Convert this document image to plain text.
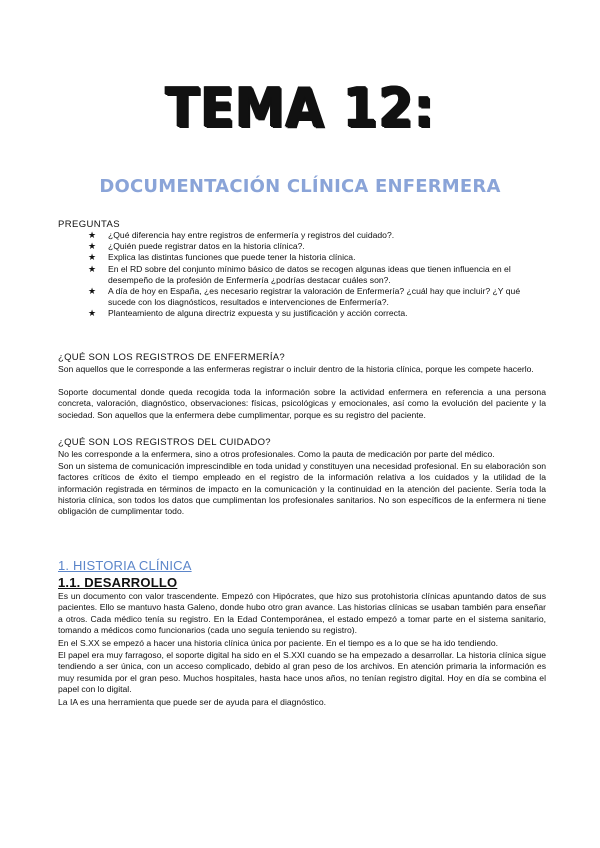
TEMA 12:
DOCUMENTACIÓN CLÍNICA ENFERMERA
PREGUNTAS
★ ¿Qué diferencia hay entre registros de enfermería y registros del cuidado?.
★ ¿Quién puede registrar datos en la historia clínica?.
★ Explica las distintas funciones que puede tener la historia clínica.
★ En el RD sobre del conjunto mínimo básico de datos se recogen algunas ideas que tienen influencia en el desempeño de la profesión de Enfermería ¿podrías destacar cuáles son?.
★ A día de hoy en España, ¿es necesario registrar la valoración de Enfermería? ¿cuál hay que incluir? ¿Y qué sucede con los diagnósticos, resultados e intervenciones de Enfermería?.
★ Planteamiento de alguna directriz expuesta y su justificación y acción correcta.
¿QUÉ SON LOS REGISTROS DE ENFERMERÍA?

Son aquellos que le corresponde a las enfermeras registrar o incluir dentro de la historia clínica, porque les compete hacerlo.

Soporte documental donde queda recogida toda la información sobre la actividad enfermera en referencia a una persona concreta, valoración, diagnóstico, observaciones: físicas, psicológicas y emocionales, así como la evolución del paciente y la sociedad. Son aquellos que la enfermera debe cumplimentar, porque es su registro del paciente.

¿QUÉ SON LOS REGISTROS DEL CUIDADO?

No les corresponde a la enfermera, sino a otros profesionales. Como la pauta de medicación por parte del médico.

Son un sistema de comunicación imprescindible en toda unidad y constituyen una necesidad profesional. En su elaboración son factores críticos de éxito el tiempo empleado en el registro de la información relativa a los cuidados y la utilidad de la información registrada en términos de impacto en la comunicación y la continuidad en la atención del paciente. Sería toda la historia clínica, son todos los datos que cumplimentan los profesionales sanitarios. No son específicos de la enfermera ni tiene obligación de cumplimentar todo.

1. HISTORIA CLÍNICA
1.1. DESARROLLO

Es un documento con valor trascendente. Empezó con Hipócrates, que hizo sus protohistoria clínicas apuntando datos de sus pacientes. Ello se mantuvo hasta Galeno, donde hubo otro gran avance. Las historias clínicas se usaban también para enseñar a otros. Cada médico tenía su registro. En la Edad Contemporánea, el estado empezó a tomar parte en el sistema sanitario, tomando a médicos como funcionarios (cada uno seguía teniendo su registro).

En el S.XX se empezó a hacer una historia clínica única por paciente. En el tiempo es a lo que se ha ido tendiendo.

El papel era muy farragoso, el soporte digital ha sido en el S.XXI cuando se ha empezado a desarrollar. La historia clínica sigue tendiendo a ser única, con un acceso complicado, debido al gran peso de los archivos. En atención primaria la información es muy resumida por el gran peso. Muchos hospitales, hasta hace unos años, no tenían registro digital. Hoy en día se combina el papel con lo digital.

La IA es una herramienta que puede ser de ayuda para el diagnóstico.
